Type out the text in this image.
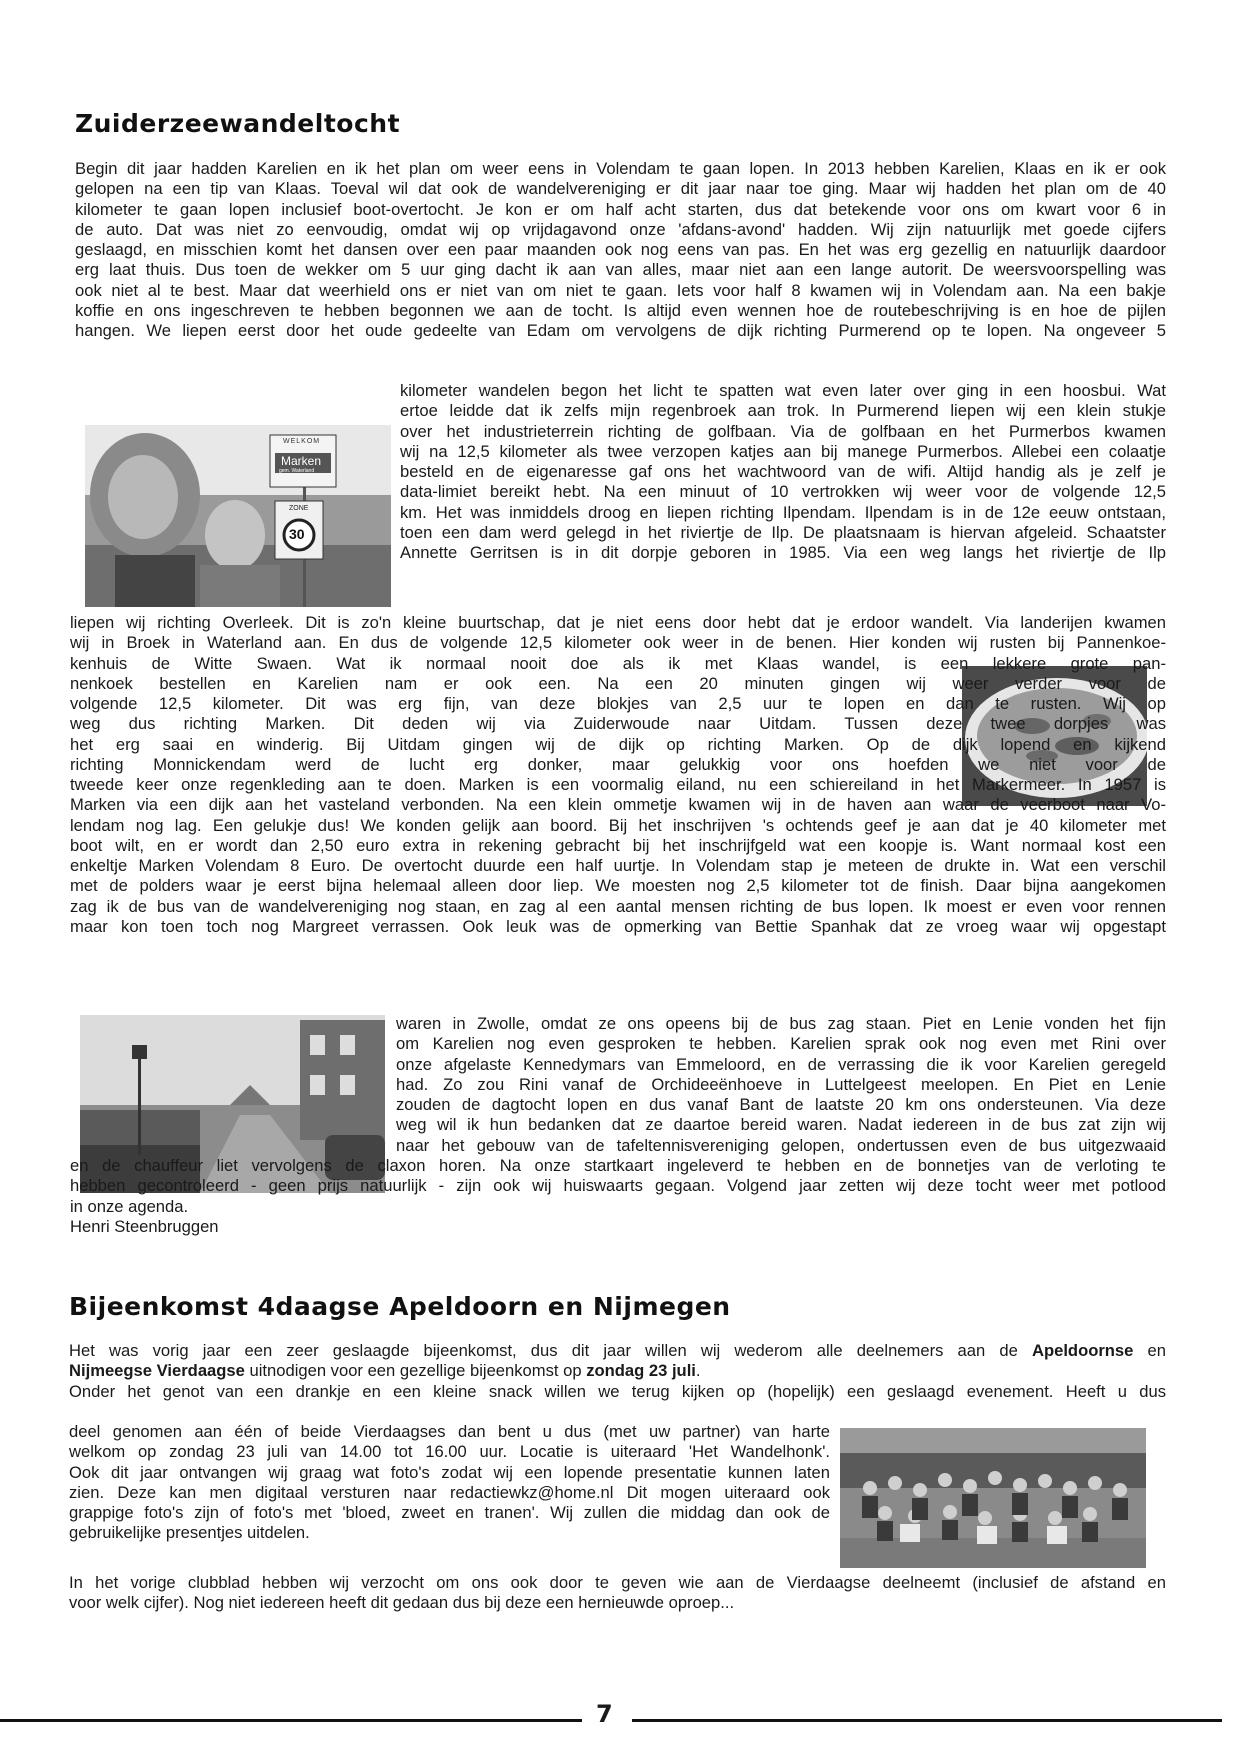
Zuiderzeewandeltocht
Begin dit jaar hadden Karelien en ik het plan om weer eens in Volendam te gaan lopen. In 2013 hebben Karelien, Klaas en ik er ook
gelopen na een tip van Klaas. Toeval wil dat ook de wandelvereniging er dit jaar naar toe ging. Maar wij hadden het plan om de 40
kilometer te gaan lopen inclusief boot-overtocht. Je kon er om half acht starten, dus dat betekende voor ons om kwart voor 6 in
de auto. Dat was niet zo eenvoudig, omdat wij op vrijdagavond onze 'afdans-avond' hadden. Wij zijn natuurlijk met goede cijfers
geslaagd, en misschien komt het dansen over een paar maanden ook nog eens van pas. En het was erg gezellig en natuurlijk daardoor
erg laat thuis. Dus toen de wekker om 5 uur ging dacht ik aan van alles, maar niet aan een lange autorit. De weersvoorspelling was
ook niet al te best. Maar dat weerhield ons er niet van om niet te gaan. Iets voor half 8 kwamen wij in Volendam aan. Na een bakje
koffie en ons ingeschreven te hebben begonnen we aan de tocht. Is altijd even wennen hoe de routebeschrijving is en hoe de pijlen
hangen. We liepen eerst door het oude gedeelte van Edam om vervolgens de dijk richting Purmerend op te lopen. Na ongeveer 5
WELKOM
Marken
gem. Waterland
ZONE
30
kilometer wandelen begon het licht te spatten wat even later over ging in een hoosbui. Wat
ertoe leidde dat ik zelfs mijn regenbroek aan trok. In Purmerend liepen wij een klein stukje
over het industrieterrein richting de golfbaan. Via de golfbaan en het Purmerbos kwamen
wij na 12,5 kilometer als twee verzopen katjes aan bij manege Purmerbos. Allebei een colaatje
besteld en de eigenaresse gaf ons het wachtwoord van de wifi. Altijd handig als je zelf je
data-limiet bereikt hebt. Na een minuut of 10 vertrokken wij weer voor de volgende 12,5
km. Het was inmiddels droog en liepen richting Ilpendam. Ilpendam is in de 12e eeuw ontstaan,
toen een dam werd gelegd in het riviertje de Ilp. De plaatsnaam is hiervan afgeleid. Schaatster
Annette Gerritsen is in dit dorpje geboren in 1985. Via een weg langs het riviertje de Ilp
liepen wij richting Overleek. Dit is zo'n kleine buurtschap, dat je niet eens door hebt dat je erdoor wandelt. Via landerijen kwamen
wij in Broek in Waterland aan. En dus de volgende 12,5 kilometer ook weer in de benen. Hier konden wij rusten bij Pannenkoe-
kenhuis de Witte Swaen. Wat ik normaal nooit doe als ik met Klaas wandel, is een lekkere grote pan-
nenkoek bestellen en Karelien nam er ook een. Na een 20 minuten gingen wij weer verder voor de
volgende 12,5 kilometer. Dit was erg fijn, van deze blokjes van 2,5 uur te lopen en dan te rusten. Wij op
weg dus richting Marken. Dit deden wij via Zuiderwoude naar Uitdam. Tussen deze twee dorpjes was
het erg saai en winderig. Bij Uitdam gingen wij de dijk op richting Marken. Op de dijk lopend en kijkend
richting Monnickendam werd de lucht erg donker, maar gelukkig voor ons hoefden we niet voor de
tweede keer onze regenkleding aan te doen. Marken is een voormalig eiland, nu een schiereiland in het Markermeer. In 1957 is
Marken via een dijk aan het vasteland verbonden. Na een klein ommetje kwamen wij in de haven aan waar de veerboot naar Vo-
lendam nog lag. Een gelukje dus! We konden gelijk aan boord. Bij het inschrijven 's ochtends geef je aan dat je 40 kilometer met
boot wilt, en er wordt dan 2,50 euro extra in rekening gebracht bij het inschrijfgeld wat een koopje is. Want normaal kost een
enkeltje Marken Volendam 8 Euro. De overtocht duurde een half uurtje. In Volendam stap je meteen de drukte in. Wat een verschil
met de polders waar je eerst bijna helemaal alleen door liep. We moesten nog 2,5 kilometer tot de finish. Daar bijna aangekomen
zag ik de bus van de wandelvereniging nog staan, en zag al een aantal mensen richting de bus lopen. Ik moest er even voor rennen
maar kon toen toch nog Margreet verrassen. Ook leuk was de opmerking van Bettie Spanhak dat ze vroeg waar wij opgestapt
waren in Zwolle, omdat ze ons opeens bij de bus zag staan. Piet en Lenie vonden het fijn
om Karelien nog even gesproken te hebben. Karelien sprak ook nog even met Rini over
onze afgelaste Kennedymars van Emmeloord, en de verrassing die ik voor Karelien geregeld
had. Zo zou Rini vanaf de Orchideeënhoeve in Luttelgeest meelopen. En Piet en Lenie
zouden de dagtocht lopen en dus vanaf Bant de laatste 20 km ons ondersteunen. Via deze
weg wil ik hun bedanken dat ze daartoe bereid waren. Nadat iedereen in de bus zat zijn wij
naar het gebouw van de tafeltennisvereniging gelopen, ondertussen even de bus uitgezwaaid
en de chauffeur liet vervolgens de claxon horen. Na onze startkaart ingeleverd te hebben en de bonnetjes van de verloting te
hebben gecontroleerd - geen prijs natuurlijk - zijn ook wij huiswaarts gegaan. Volgend jaar zetten wij deze tocht weer met potlood
in onze agenda.
Henri Steenbruggen
Bijeenkomst 4daagse Apeldoorn en Nijmegen
Het was vorig jaar een zeer geslaagde bijeenkomst, dus dit jaar willen wij wederom alle deelnemers aan de Apeldoornse en
Nijmeegse Vierdaagse uitnodigen voor een gezellige bijeenkomst op zondag 23 juli.
Onder het genot van een drankje en een kleine snack willen we terug kijken op (hopelijk) een geslaagd evenement. Heeft u dus
deel genomen aan één of beide Vierdaagses dan bent u dus (met uw partner) van harte
welkom op zondag 23 juli van 14.00 tot 16.00 uur. Locatie is uiteraard 'Het Wandelhonk'.
Ook dit jaar ontvangen wij graag wat foto's zodat wij een lopende presentatie kunnen laten
zien. Deze kan men digitaal versturen naar redactiewkz@home.nl Dit mogen uiteraard ook
grappige foto's zijn of foto's met 'bloed, zweet en tranen'. Wij zullen die middag dan ook de
gebruikelijke presentjes uitdelen.
In het vorige clubblad hebben wij verzocht om ons ook door te geven wie aan de Vierdaagse deelneemt (inclusief de afstand en
voor welk cijfer). Nog niet iedereen heeft dit gedaan dus bij deze een hernieuwde oproep...
7
